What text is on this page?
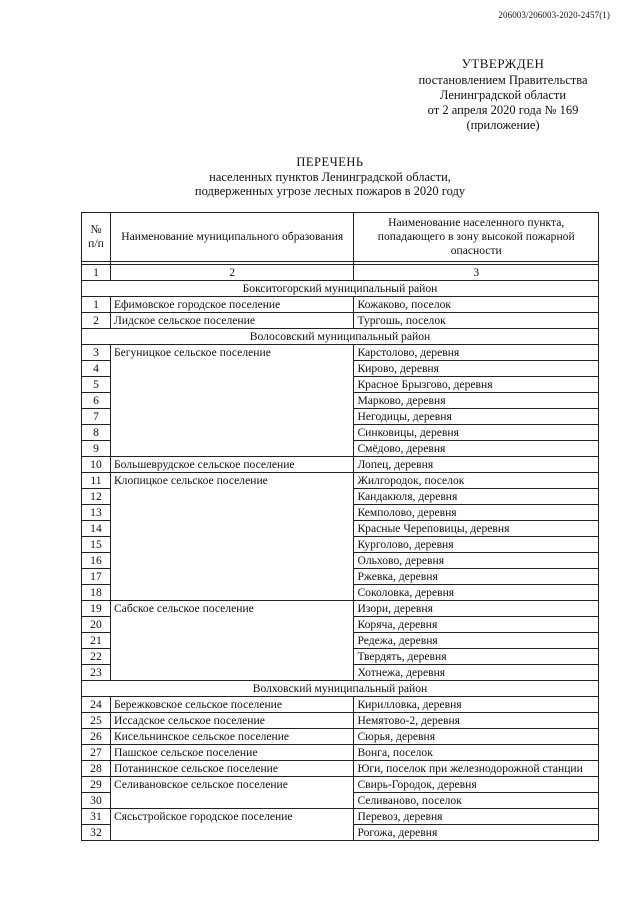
206003/206003-2020-2457(1)
УТВЕРЖДЕН
постановлением Правительства
Ленинградской области
от 2 апреля 2020 года № 169
(приложение)
ПЕРЕЧЕНЬ
населенных пунктов Ленинградской области,
подверженных угрозе лесных пожаров в 2020 году
№ п/п	Наименование муниципального образования	Наименование населенного пункта, попадающего в зону высокой пожарной опасности

1	2	3
Бокситогорский муниципальный район		
1	Ефимовское городское поселение	Кожаково, поселок
2	Лидское сельское поселение	Тургошь, поселок
Волосовский муниципальный район		
3	Бегуницкое сельское поселение	Карстолово, деревня
4		Кирово, деревня
5		Красное Брызгово, деревня
6		Марково, деревня
7		Негодицы, деревня
8		Синковицы, деревня
9		Смёдово, деревня
10	Большеврудское сельское поселение	Лопец, деревня
11	Клопицкое сельское поселение	Жилгородок, поселок
12		Кандакюля, деревня
13		Кемполово, деревня
14		Красные Череповицы, деревня
15		Курголово, деревня
16		Ольхово, деревня
17		Ржевка, деревня
18		Соколовка, деревня
19	Сабское сельское поселение	Изори, деревня
20		Коряча, деревня
21		Редежа, деревня
22		Твердять, деревня
23		Хотнежа, деревня
Волховский муниципальный район		
24	Бережковское сельское поселение	Кирилловка, деревня
25	Иссадское сельское поселение	Немятово-2, деревня
26	Кисельнинское сельское поселение	Сюрья, деревня
27	Пашское сельское поселение	Вонга, поселок
28	Потанинское сельское поселение	Юги, поселок при железнодорожной станции
29	Селивановское сельское поселение	Свирь-Городок, деревня
30		Селиваново, поселок
31	Сясьстройское городское поселение	Перевоз, деревня
32		Рогожа, деревня
